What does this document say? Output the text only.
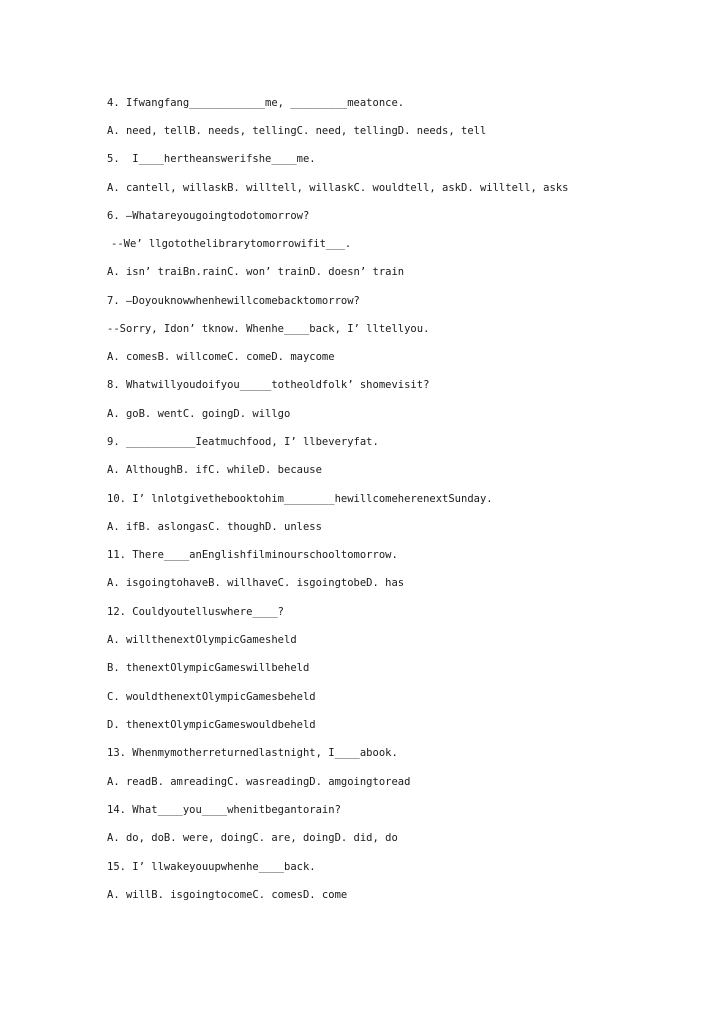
4. Ifwangfang____________me, _________meatonce.

A. need, tellB. needs, tellingC. need, tellingD. needs, tell

5.  I____hertheanswerifshe____me.

A. cantell, willaskB. willtell, willaskC. wouldtell, askD. willtell, asks

6. –Whatareyougoingtodotomorrow?

--We’ llgotothelibrarytomorrowifit___.

A. isn’ traiBn.rainC. won’ trainD. doesn’ train

7. —Doyouknowwhenhewillcomebacktomorrow?

--Sorry, Idon’ tknow. Whenhe____back, I’ lltellyou.

A. comesB. willcomeC. comeD. maycome

8. Whatwillyoudoifyou_____totheoldfolk’ shomevisit?

A. goB. wentC. goingD. willgo

9. ___________Ieatmuchfood, I’ llbeveryfat.

A. AlthoughB. ifC. whileD. because

10. I’ lnlotgivethebooktohim________hewillcomeherenextSunday.

A. ifB. aslongasC. thoughD. unless

11. There____anEnglishfilminourschooltomorrow.

A. isgoingtohaveB. willhaveC. isgoingtobeD. has

12. Couldyoutelluswhere____?

A. willthenextOlympicGamesheld

B. thenextOlympicGameswillbeheld

C. wouldthenextOlympicGamesbeheld

D. thenextOlympicGameswouldbeheld

13. Whenmymotherreturnedlastnight, I____abook.

A. readB. amreadingC. wasreadingD. amgoingtoread

14. What____you____whenitbegantorain?

A. do, doB. were, doingC. are, doingD. did, do

15. I’ llwakeyouupwhenhe____back.

A. willB. isgoingtocomeC. comesD. come
